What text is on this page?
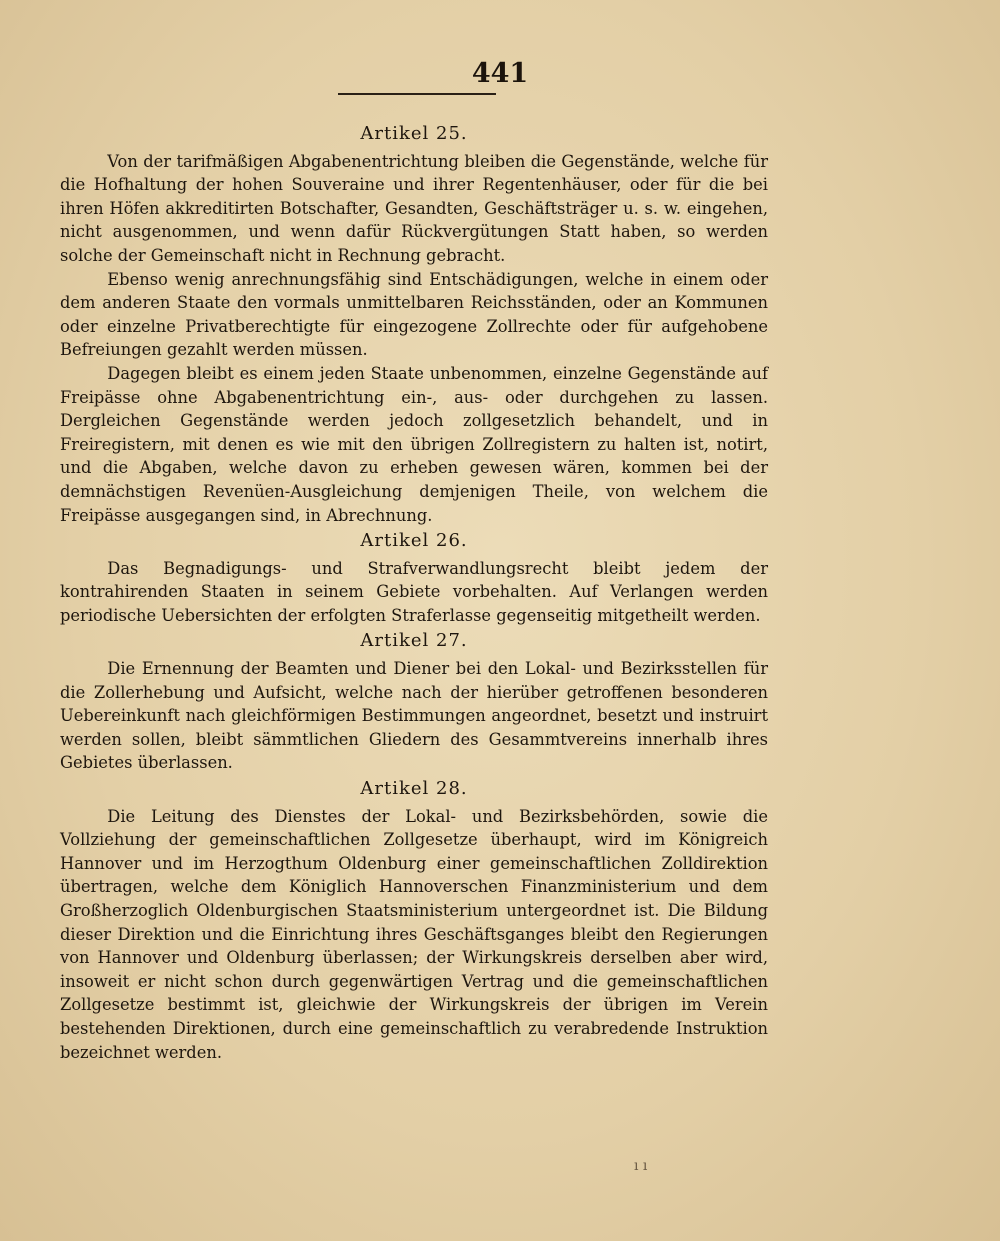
441
Artikel 25.

Von der tarifmäßigen Abgabenentrichtung bleiben die Gegenstände, welche für die Hofhaltung der hohen Souveraine und ihrer Regentenhäuser, oder für die bei ihren Höfen akkreditirten Botschafter, Gesandten, Geschäftsträger u. s. w. eingehen, nicht ausgenommen, und wenn dafür Rückvergütungen Statt haben, so werden solche der Gemeinschaft nicht in Rechnung gebracht.

Ebenso wenig anrechnungsfähig sind Entschädigungen, welche in einem oder dem anderen Staate den vormals unmittelbaren Reichsständen, oder an Kommunen oder einzelne Privatberechtigte für eingezogene Zollrechte oder für aufgehobene Befreiungen gezahlt werden müssen.

Dagegen bleibt es einem jeden Staate unbenommen, einzelne Gegenstände auf Freipässe ohne Abgabenentrichtung ein-, aus- oder durchgehen zu lassen. Dergleichen Gegenstände werden jedoch zollgesetzlich behandelt, und in Freiregistern, mit denen es wie mit den übrigen Zollregistern zu halten ist, notirt, und die Abgaben, welche davon zu erheben gewesen wären, kommen bei der demnächstigen Revenüen-Ausgleichung demjenigen Theile, von welchem die Freipässe ausgegangen sind, in Abrechnung.

Artikel 26.

Das Begnadigungs- und Strafverwandlungsrecht bleibt jedem der kontrahirenden Staaten in seinem Gebiete vorbehalten. Auf Verlangen werden periodische Uebersichten der erfolgten Straferlasse gegenseitig mitgetheilt werden.

Artikel 27.

Die Ernennung der Beamten und Diener bei den Lokal- und Bezirksstellen für die Zollerhebung und Aufsicht, welche nach der hierüber getroffenen besonderen Uebereinkunft nach gleichförmigen Bestimmungen angeordnet, besetzt und instruirt werden sollen, bleibt sämmtlichen Gliedern des Gesammtvereins innerhalb ihres Gebietes überlassen.

Artikel 28.

Die Leitung des Dienstes der Lokal- und Bezirksbehörden, sowie die Vollziehung der gemeinschaftlichen Zollgesetze überhaupt, wird im Königreich Hannover und im Herzogthum Oldenburg einer gemeinschaftlichen Zolldirektion übertragen, welche dem Königlich Hannoverschen Finanzministerium und dem Großherzoglich Oldenburgischen Staatsministerium untergeordnet ist. Die Bildung dieser Direktion und die Einrichtung ihres Geschäftsganges bleibt den Regierungen von Hannover und Oldenburg überlassen; der Wirkungskreis derselben aber wird, insoweit er nicht schon durch gegenwärtigen Vertrag und die gemeinschaftlichen Zollgesetze bestimmt ist, gleichwie der Wirkungskreis der übrigen im Verein bestehenden Direktionen, durch eine gemeinschaftlich zu verabredende Instruktion bezeichnet werden.

ı ı
